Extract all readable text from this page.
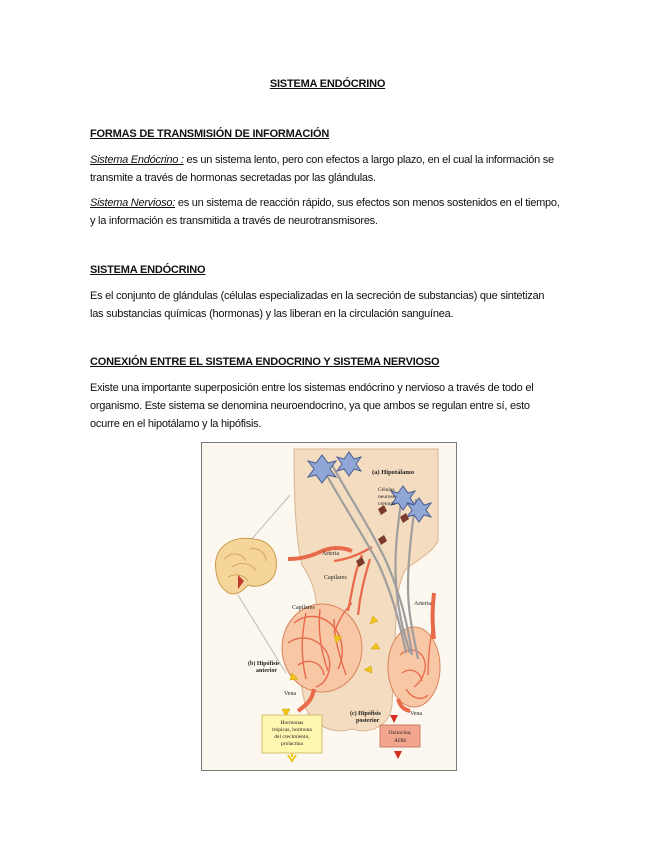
SISTEMA ENDÓCRINO
FORMAS DE TRANSMISIÓN DE INFORMACIÓN
Sistema Endócrino : es un sistema lento, pero con efectos a largo plazo, en el cual la información se transmite a través de hormonas secretadas por las glándulas.
Sistema Nervioso: es un sistema de reacción rápido, sus efectos son menos sostenidos en el tiempo, y la información es transmitida a través de neurotransmisores.
SISTEMA ENDÓCRINO
Es el conjunto de glándulas (células especializadas en la secreción de substancias) que sintetizan las substancias químicas (hormonas) y las liberan en la circulación sanguínea.
CONEXIÓN ENTRE EL SISTEMA ENDOCRINO Y SISTEMA NERVIOSO
Existe una importante superposición entre los sistemas endócrino y nervioso a través de todo el organismo. Este sistema se denomina neuroendocrino, ya que ambos se regulan entre sí, esto ocurre en el hipotálamo y la hipófisis.
(a) Hipotálamo
Células
neurose-
cretoras
Arteria
Capilares
Capilares
Arteria
(b) Hipófisis
anterior
Vena
(c) Hipófisis
posterior
Vena
Hormonas
trópicas, hormona
del crecimiento,
prolactina
Oxitocina,
ADH
